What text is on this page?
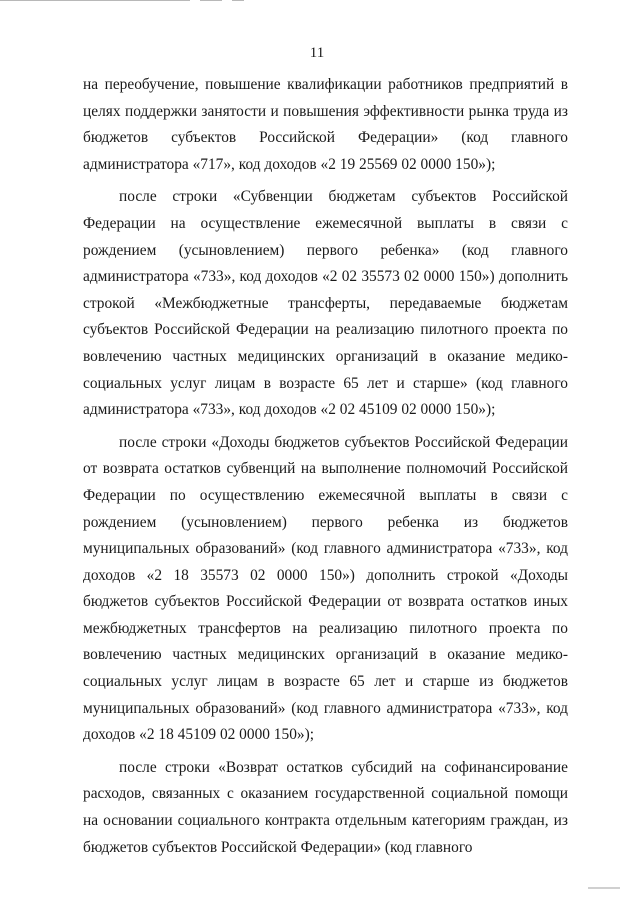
11

на переобучение, повышение квалификации работников предприятий в целях поддержки занятости и повышения эффективности рынка труда из бюджетов субъектов Российской Федерации» (код главного администратора «717», код доходов «2 19 25569 02 0000 150»);

после строки «Субвенции бюджетам субъектов Российской Федерации на осуществление ежемесячной выплаты в связи с рождением (усыновлением) первого ребенка» (код главного администратора «733», код доходов «2 02 35573 02 0000 150») дополнить строкой «Межбюджетные трансферты, передаваемые бюджетам субъектов Российской Федерации на реализацию пилотного проекта по вовлечению частных медицинских организаций в оказание медико-социальных услуг лицам в возрасте 65 лет и старше» (код главного администратора «733», код доходов «2 02 45109 02 0000 150»);

после строки «Доходы бюджетов субъектов Российской Федерации от возврата остатков субвенций на выполнение полномочий Российской Федерации по осуществлению ежемесячной выплаты в связи с рождением (усыновлением) первого ребенка из бюджетов муниципальных образований» (код главного администратора «733», код доходов «2 18 35573 02 0000 150») дополнить строкой «Доходы бюджетов субъектов Российской Федерации от возврата остатков иных межбюджетных трансфертов на реализацию пилотного проекта по вовлечению частных медицинских организаций в оказание медико-социальных услуг лицам в возрасте 65 лет и старше из бюджетов муниципальных образований» (код главного администратора «733», код доходов «2 18 45109 02 0000 150»);

после строки «Возврат остатков субсидий на софинансирование расходов, связанных с оказанием государственной социальной помощи на основании социального контракта отдельным категориям граждан, из бюджетов субъектов Российской Федерации» (код главного
